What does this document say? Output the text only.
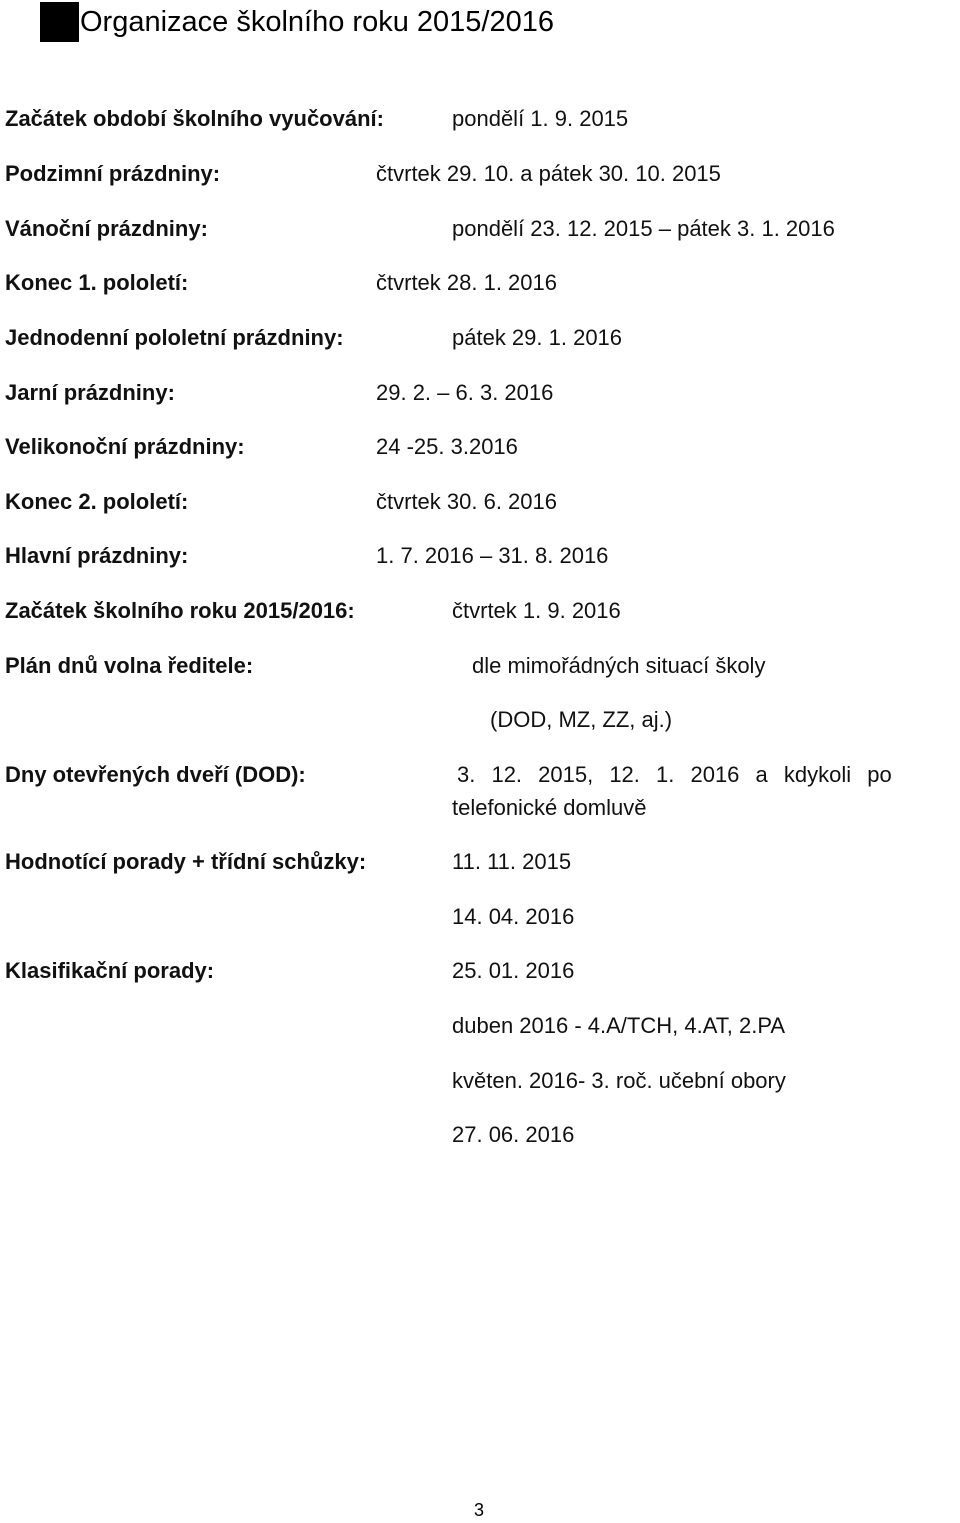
Organizace školního roku 2015/2016
Začátek období školního vyučování:	pondělí 1. 9. 2015
Podzimní prázdniny:	čtvrtek 29. 10. a pátek 30. 10. 2015
Vánoční prázdniny:	pondělí 23. 12. 2015 – pátek 3. 1. 2016
Konec 1. pololetí:	čtvrtek 28. 1. 2016
Jednodenní pololetní prázdniny:	pátek 29. 1. 2016
Jarní prázdniny:	29. 2. – 6. 3. 2016
Velikonoční prázdniny:	24 -25. 3.2016
Konec 2. pololetí:	čtvrtek 30. 6. 2016
Hlavní prázdniny:	1. 7. 2016 – 31. 8. 2016
Začátek školního roku 2015/2016:	čtvrtek 1. 9. 2016
Plán dnů volna ředitele:	dle mimořádných situací školy
(DOD, MZ, ZZ, aj.)
Dny otevřených dveří (DOD):	3. 12. 2015, 12. 1. 2016 a kdykoli po
telefonické domluvě
Hodnotící porady + třídní schůzky:	11. 11. 2015
14. 04. 2016
Klasifikační porady:	25. 01. 2016
duben 2016 - 4.A/TCH, 4.AT, 2.PA
květen. 2016- 3. roč. učební obory
27. 06. 2016
3
